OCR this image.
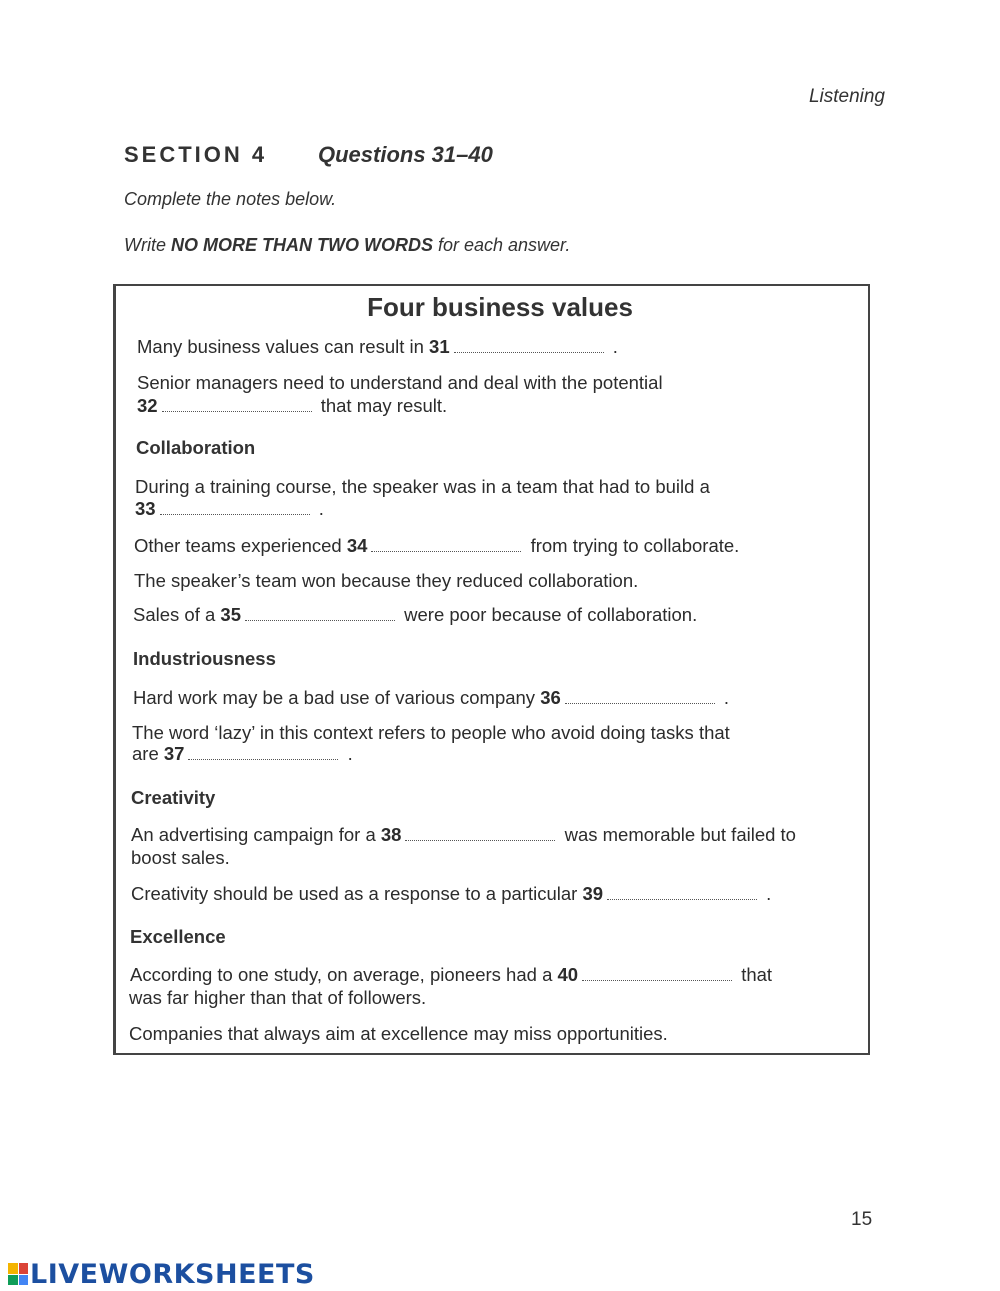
Listening
SECTION 4 Questions 31–40
Complete the notes below.
Write NO MORE THAN TWO WORDS for each answer.
Four business values
Many business values can result in 31	.
Senior managers need to understand and deal with the potential
32	that may result.
Collaboration
During a training course, the speaker was in a team that had to build a
33	.
Other teams experienced 34	from trying to collaborate.
The speaker’s team won because they reduced collaboration.
Sales of a 35	were poor because of collaboration.
Industriousness
Hard work may be a bad use of various company 36	.
The word ‘lazy’ in this context refers to people who avoid doing tasks that
are 37	.
Creativity
An advertising campaign for a 38	was memorable but failed to
boost sales.
Creativity should be used as a response to a particular 39	.
Excellence
According to one study, on average, pioneers had a 40	that
was far higher than that of followers.
Companies that always aim at excellence may miss opportunities.
15
LIVEWORKSHEETS
